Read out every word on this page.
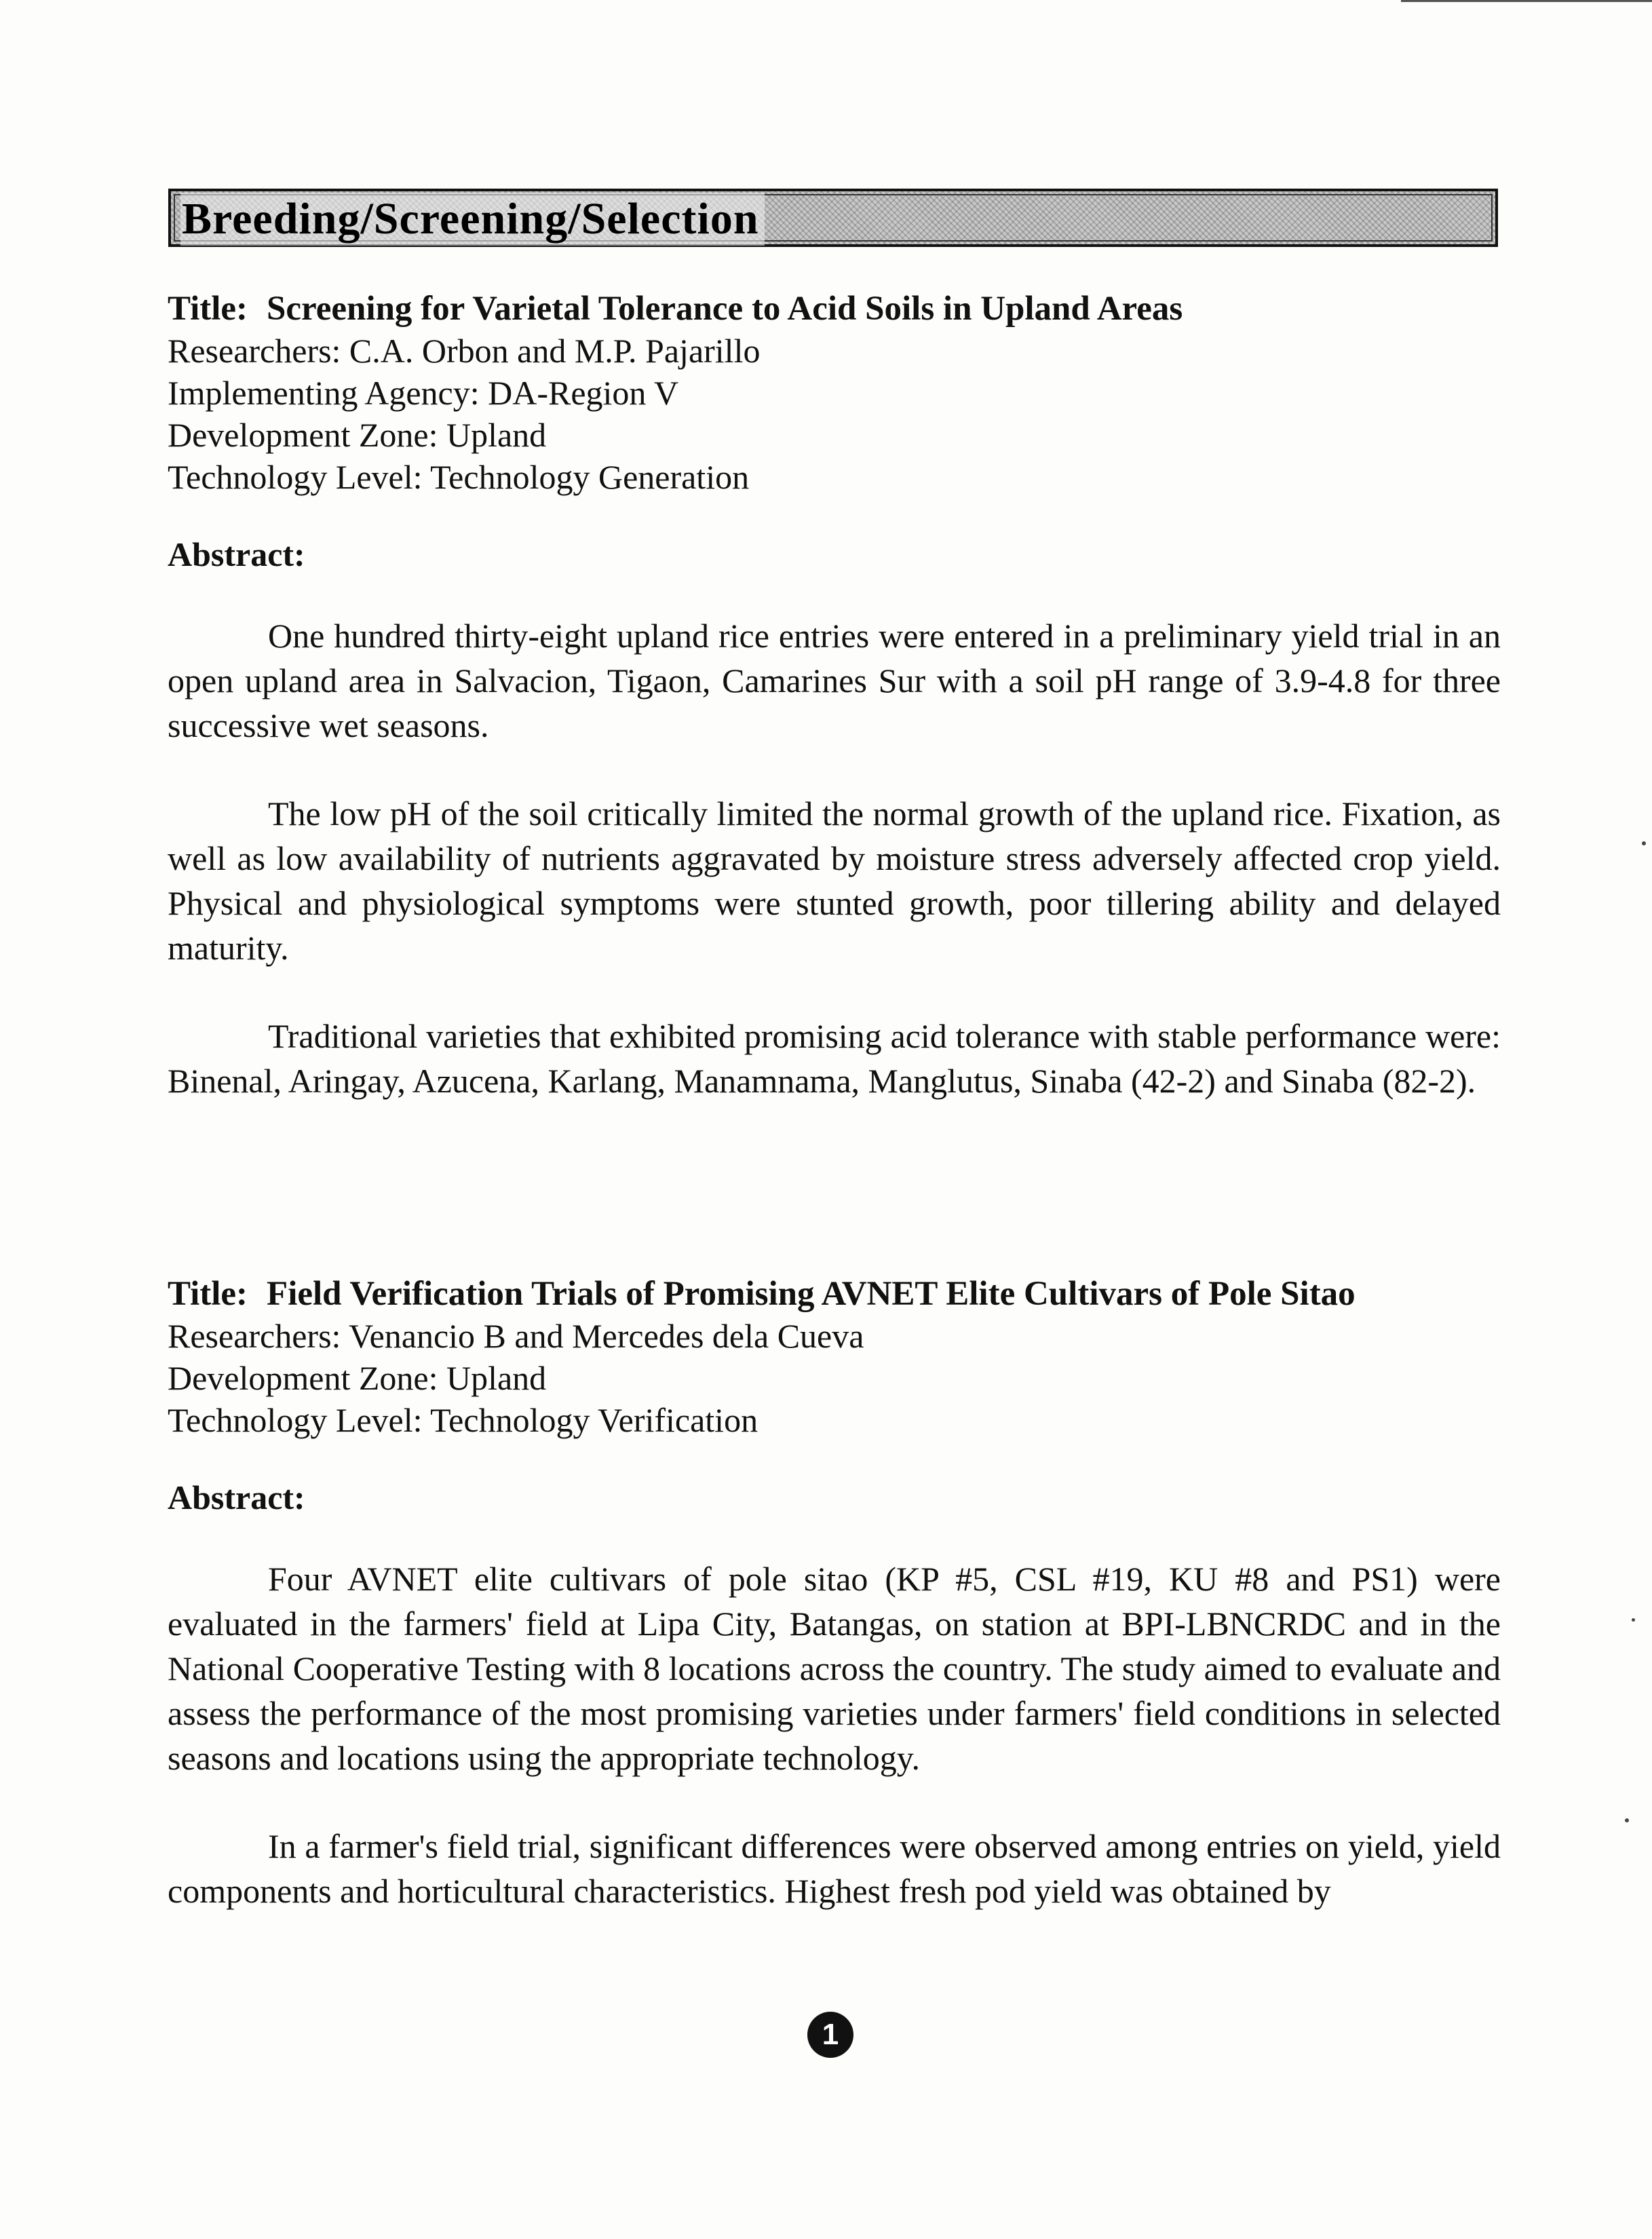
Breeding/Screening/Selection
Title: Screening for Varietal Tolerance to Acid Soils in Upland Areas
Researchers: C.A. Orbon and M.P. Pajarillo
Implementing Agency: DA-Region V
Development Zone: Upland
Technology Level: Technology Generation
Abstract:

One hundred thirty-eight upland rice entries were entered in a preliminary yield trial in an open upland area in Salvacion, Tigaon, Camarines Sur with a soil pH range of 3.9-4.8 for three successive wet seasons.

The low pH of the soil critically limited the normal growth of the upland rice. Fixation, as well as low availability of nutrients aggravated by moisture stress adversely affected crop yield. Physical and physiological symptoms were stunted growth, poor tillering ability and delayed maturity.

Traditional varieties that exhibited promising acid tolerance with stable performance were: Binenal, Aringay, Azucena, Karlang, Manamnama, Manglutus, Sinaba (42-2) and Sinaba (82-2).

Title: Field Verification Trials of Promising AVNET Elite Cultivars of Pole Sitao
Researchers: Venancio B and Mercedes dela Cueva
Development Zone: Upland
Technology Level: Technology Verification
Abstract:

Four AVNET elite cultivars of pole sitao (KP #5, CSL #19, KU #8 and PS1) were evaluated in the farmers' field at Lipa City, Batangas, on station at BPI-LBNCRDC and in the National Cooperative Testing with 8 locations across the country. The study aimed to evaluate and assess the performance of the most promising varieties under farmers' field conditions in selected seasons and locations using the appropriate technology.

In a farmer's field trial, significant differences were observed among entries on yield, yield components and horticultural characteristics. Highest fresh pod yield was obtained by

1
